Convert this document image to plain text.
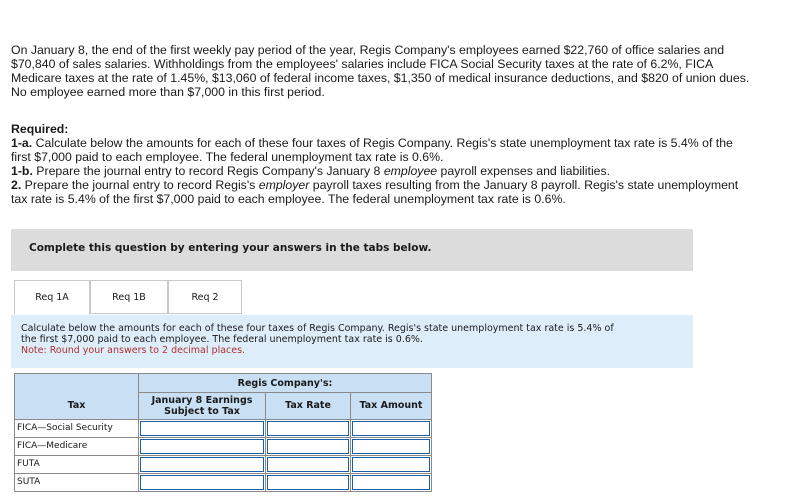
On January 8, the end of the first weekly pay period of the year, Regis Company's employees earned $22,760 of office salaries and

$70,840 of sales salaries. Withholdings from the employees' salaries include FICA Social Security taxes at the rate of 6.2%, FICA

Medicare taxes at the rate of 1.45%, $13,060 of federal income taxes, $1,350 of medical insurance deductions, and $820 of union dues.

No employee earned more than $7,000 in this first period.

Required:
1-a. Calculate below the amounts for each of these four taxes of Regis Company. Regis's state unemployment tax rate is 5.4% of the
first $7,000 paid to each employee. The federal unemployment tax rate is 0.6%.
1-b. Prepare the journal entry to record Regis Company's January 8 employee payroll expenses and liabilities.
2. Prepare the journal entry to record Regis's employer payroll taxes resulting from the January 8 payroll. Regis's state unemployment
tax rate is 5.4% of the first $7,000 paid to each employee. The federal unemployment tax rate is 0.6%.
Complete this question by entering your answers in the tabs below.
Req 1A	Req 1B	Req 2
Calculate below the amounts for each of these four taxes of Regis Company. Regis's state unemployment tax rate is 5.4% of
the first $7,000 paid to each employee. The federal unemployment tax rate is 0.6%.
Note: Round your answers to 2 decimal places.
	Regis Company's:		
Tax	January 8 Earnings
Subject to Tax	Tax Rate	Tax Amount
FICA—Social Security	

FICA—Medicare	

FUTA	

SUTA	
